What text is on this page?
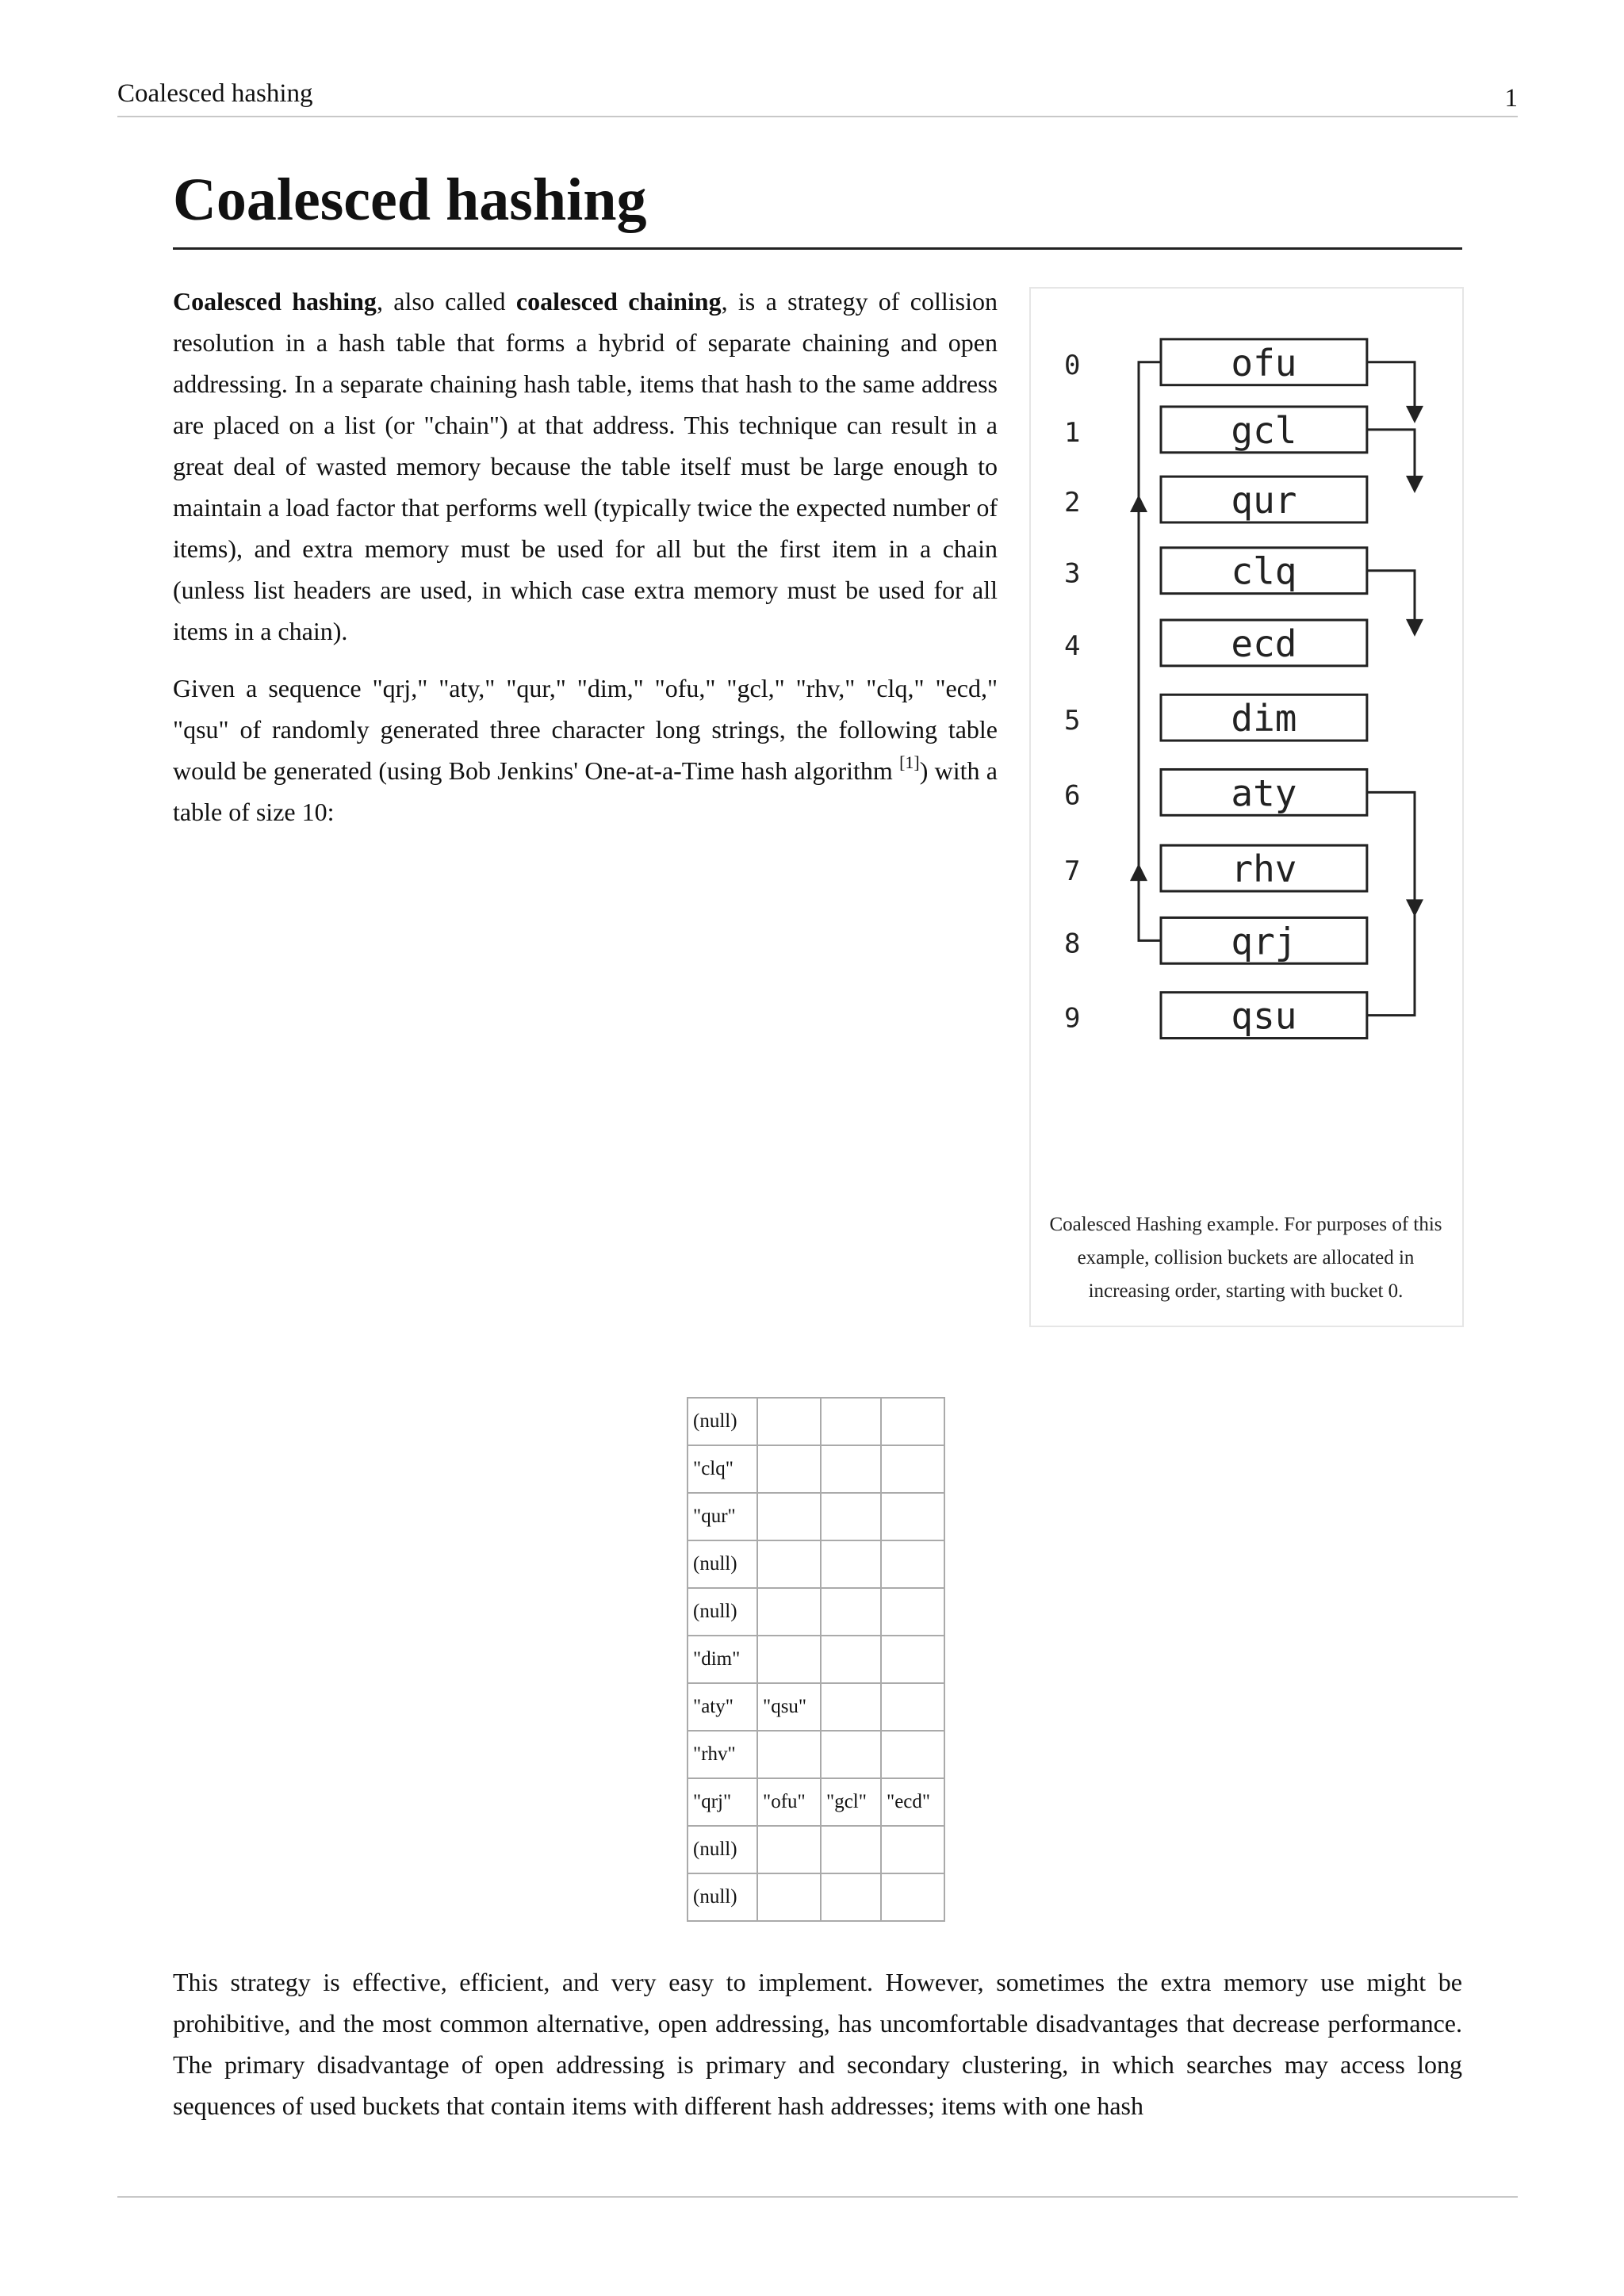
Coalesced hashing	1
Coalesced hashing

Coalesced hashing, also called coalesced chaining, is a strategy of collision resolution in a hash table that forms a hybrid of separate chaining and open addressing. In a separate chaining hash table, items that hash to the same address are placed on a list (or "chain") at that address. This technique can result in a great deal of wasted memory because the table itself must be large enough to maintain a load factor that performs well (typically twice the expected number of items), and extra memory must be used for all but the first item in a chain (unless list headers are used, in which case extra memory must be used for all items in a chain).

Given a sequence "qrj," "aty," "qur," "dim," "ofu," "gcl," "rhv," "clq," "ecd," "qsu" of randomly generated three character long strings, the following table would be generated (using Bob Jenkins' One-at-a-Time hash algorithm [1]) with a table of size 10:

0	ofu
1	gcl
2	qur
3	clq
4	ecd
5	dim
6	aty
7	rhv
8	qrj
9	qsu

Coalesced Hashing example. For purposes of this example, collision buckets are allocated in increasing order, starting with bucket 0.

(null)			
"clq"			
"qur"			
(null)			
(null)			
"dim"			
"aty"	"qsu"		
"rhv"			
"qrj"	"ofu"	"gcl"	"ecd"
(null)			
(null)			

This strategy is effective, efficient, and very easy to implement. However, sometimes the extra memory use might be prohibitive, and the most common alternative, open addressing, has uncomfortable disadvantages that decrease performance. The primary disadvantage of open addressing is primary and secondary clustering, in which searches may access long sequences of used buckets that contain items with different hash addresses; items with one hash
